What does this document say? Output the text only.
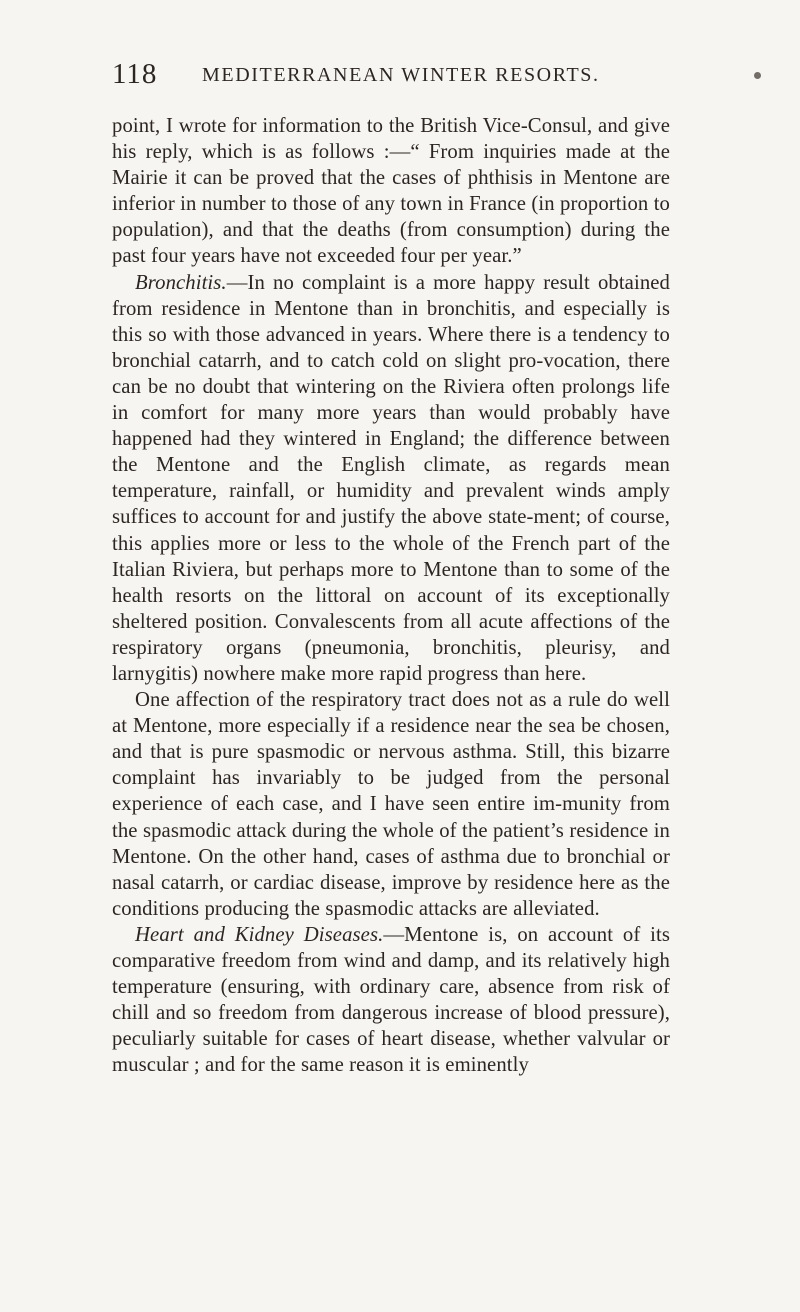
118 MEDITERRANEAN WINTER RESORTS.

point, I wrote for information to the British Vice-Consul, and give his reply, which is as follows :—“ From inquiries made at the Mairie it can be proved that the cases of phthisis in Mentone are inferior in number to those of any town in France (in proportion to population), and that the deaths (from consumption) during the past four years have not exceeded four per year.”

Bronchitis.—In no complaint is a more happy result obtained from residence in Mentone than in bronchitis, and especially is this so with those advanced in years. Where there is a tendency to bronchial catarrh, and to catch cold on slight pro-vocation, there can be no doubt that wintering on the Riviera often prolongs life in comfort for many more years than would probably have happened had they wintered in England; the difference between the Mentone and the English climate, as regards mean temperature, rainfall, or humidity and prevalent winds amply suffices to account for and justify the above state-ment; of course, this applies more or less to the whole of the French part of the Italian Riviera, but perhaps more to Mentone than to some of the health resorts on the littoral on account of its exceptionally sheltered position. Convalescents from all acute affections of the respiratory organs (pneumonia, bronchitis, pleurisy, and larnygitis) nowhere make more rapid progress than here.

One affection of the respiratory tract does not as a rule do well at Mentone, more especially if a residence near the sea be chosen, and that is pure spasmodic or nervous asthma. Still, this bizarre complaint has invariably to be judged from the personal experience of each case, and I have seen entire im-munity from the spasmodic attack during the whole of the patient’s residence in Mentone. On the other hand, cases of asthma due to bronchial or nasal catarrh, or cardiac disease, improve by residence here as the conditions producing the spasmodic attacks are alleviated.

Heart and Kidney Diseases.—Mentone is, on account of its comparative freedom from wind and damp, and its relatively high temperature (ensuring, with ordinary care, absence from risk of chill and so freedom from dangerous increase of blood pressure), peculiarly suitable for cases of heart disease, whether valvular or muscular ; and for the same reason it is eminently
